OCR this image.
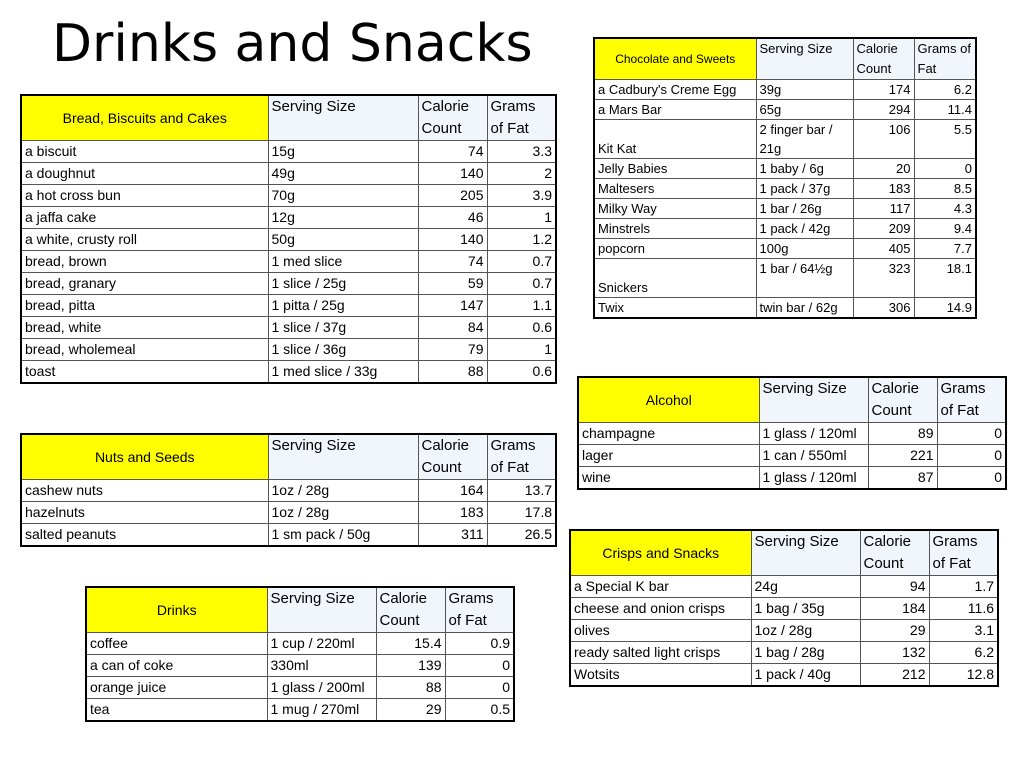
Drinks and Snacks
Bread, Biscuits and Cakes	Serving Size	Calorie Count	Grams of Fat
a biscuit	15g	74	3.3
a doughnut	49g	140	2
a hot cross bun	70g	205	3.9
a jaffa cake	12g	46	1
a white, crusty roll	50g	140	1.2
bread, brown	1 med slice	74	0.7
bread, granary	1 slice / 25g	59	0.7
bread, pitta	1 pitta / 25g	147	1.1
bread, white	1 slice / 37g	84	0.6
bread, wholemeal	1 slice / 36g	79	1
toast	1 med slice / 33g	88	0.6
Nuts and Seeds	Serving Size	Calorie Count	Grams of Fat
cashew nuts	1oz / 28g	164	13.7
hazelnuts	1oz / 28g	183	17.8
salted peanuts	1 sm pack / 50g	311	26.5
Drinks	Serving Size	Calorie Count	Grams of Fat
coffee	1 cup / 220ml	15.4	0.9
a can of coke	330ml	139	0
orange juice	1 glass / 200ml	88	0
tea	1 mug / 270ml	29	0.5
Chocolate and Sweets	Serving Size	Calorie Count	Grams of Fat
a Cadbury's Creme Egg	39g	174	6.2
a Mars Bar	65g	294	11.4
Kit Kat	2 finger bar / 21g	106	5.5
Jelly Babies	1 baby / 6g	20	0
Maltesers	1 pack / 37g	183	8.5
Milky Way	1 bar / 26g	117	4.3
Minstrels	1 pack / 42g	209	9.4
popcorn	100g	405	7.7
Snickers	1 bar / 64½g	323	18.1
Twix	twin bar / 62g	306	14.9
Alcohol	Serving Size	Calorie Count	Grams of Fat
champagne	1 glass / 120ml	89	0
lager	1 can / 550ml	221	0
wine	1 glass / 120ml	87	0
Crisps and Snacks	Serving Size	Calorie Count	Grams of Fat
a Special K bar	24g	94	1.7
cheese and onion crisps	1 bag / 35g	184	11.6
olives	1oz / 28g	29	3.1
ready salted light crisps	1 bag / 28g	132	6.2
Wotsits	1 pack / 40g	212	12.8
